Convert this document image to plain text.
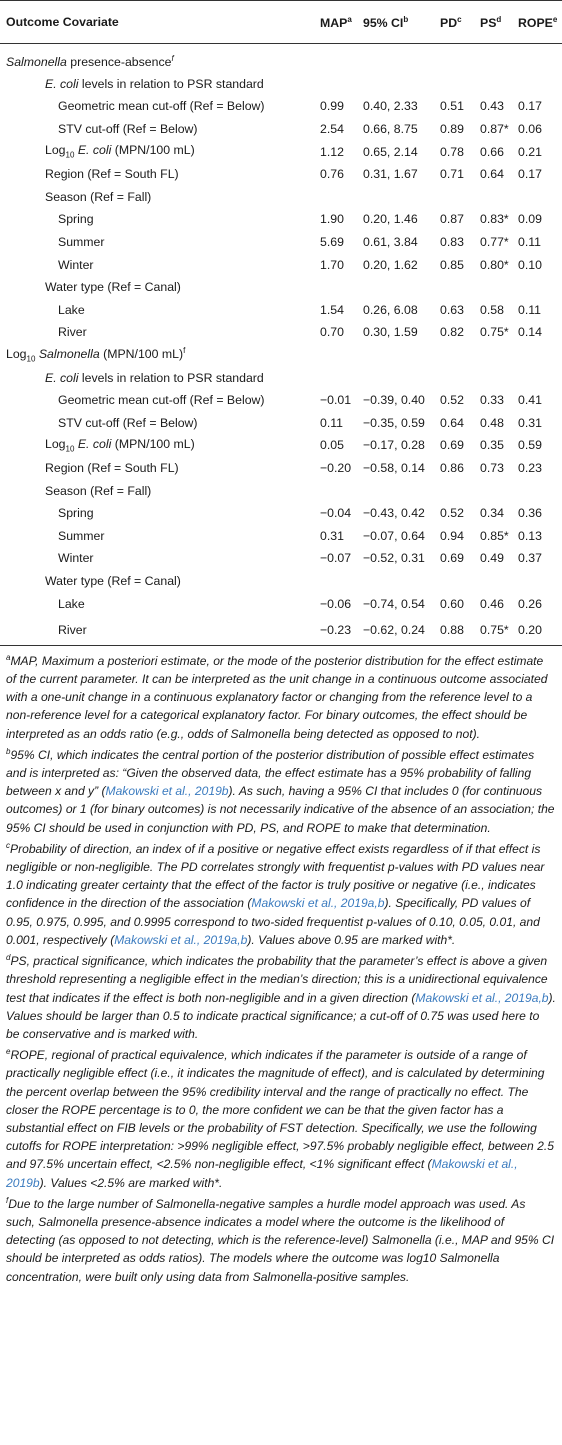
Outcome Covariate	MAP$^a$	95% $CI^b$	$PD^c$	$PS^d$	ROPE$^e$
Salmonella presence-absence$^f$
E. coli levels in relation to PSR standard					
Geometric mean cut-off (Ref = Below)	0.99	0.40, 2.33	0.51	0.43	0.17
STV cut-off (Ref = Below)	2.54	0.66, 8.75	0.89	0.87*	0.06
Log$_{10}$ E. coli (MPN/100 mL)	1.12	0.65, 2.14	0.78	0.66	0.21
Region (Ref = South FL)	0.76	0.31, 1.67	0.71	0.64	0.17
Season (Ref = Fall)					
Spring	1.90	0.20, 1.46	0.87	0.83*	0.09
Summer	5.69	0.61, 3.84	0.83	0.77*	0.11
Winter	1.70	0.20, 1.62	0.85	0.80*	0.10
Water type (Ref = Canal)					
Lake	1.54	0.26, 6.08	0.63	0.58	0.11
River	0.70	0.30, 1.59	0.82	0.75*	0.14
Log$_{10}$ Salmonella (MPN/100 mL)$^f$
E. coli levels in relation to PSR standard					
Geometric mean cut-off (Ref = Below)	−0.01	−0.39, 0.40	0.52	0.33	0.41
STV cut-off (Ref = Below)	0.11	−0.35, 0.59	0.64	0.48	0.31
Log$_{10}$ E. coli (MPN/100 mL)	0.05	−0.17, 0.28	0.69	0.35	0.59
Region (Ref = South FL)	−0.20	−0.58, 0.14	0.86	0.73	0.23
Season (Ref = Fall)					
Spring	−0.04	−0.43, 0.42	0.52	0.34	0.36
Summer	0.31	−0.07, 0.64	0.94	0.85*	0.13
Winter	−0.07	−0.52, 0.31	0.69	0.49	0.37
Water type (Ref = Canal)					
Lake	−0.06	−0.74, 0.54	0.60	0.46	0.26
River	−0.23	−0.62, 0.24	0.88	0.75*	0.20

$^a$MAP, Maximum a posteriori estimate, or the mode of the posterior distribution for the effect estimate of the current parameter. It can be interpreted as the unit change in a continuous outcome associated with a one-unit change in a continuous explanatory factor or changing from the reference level to a non-reference level for a categorical explanatory factor. For binary outcomes, the effect should be interpreted as an odds ratio (e.g., odds of Salmonella being detected as opposed to not).

$^b$95% CI, which indicates the central portion of the posterior distribution of possible effect estimates and is interpreted as: “Given the observed data, the effect estimate has a 95% probability of falling between x and y” (Makowski et al., 2019b). As such, having a 95% CI that includes 0 (for continuous outcomes) or 1 (for binary outcomes) is not necessarily indicative of the absence of an association; the 95% CI should be used in conjunction with PD, PS, and ROPE to make that determination.

$^c$Probability of direction, an index of if a positive or negative effect exists regardless of if that effect is negligible or non-negligible. The PD correlates strongly with frequentist p-values with PD values near 1.0 indicating greater certainty that the effect of the factor is truly positive or negative (i.e., indicates confidence in the direction of the association (Makowski et al., 2019a,b). Specifically, PD values of 0.95, 0.975, 0.995, and 0.9995 correspond to two-sided frequentist p-values of 0.10, 0.05, 0.01, and 0.001, respectively (Makowski et al., 2019a,b). Values above 0.95 are marked with*.

$^d$PS, practical significance, which indicates the probability that the parameter’s effect is above a given threshold representing a negligible effect in the median’s direction; this is a unidirectional equivalence test that indicates if the effect is both non-negligible and in a given direction (Makowski et al., 2019a,b). Values should be larger than 0.5 to indicate practical significance; a cut-off of 0.75 was used here to be conservative and is marked with.

$^e$ROPE, regional of practical equivalence, which indicates if the parameter is outside of a range of practically negligible effect (i.e., it indicates the magnitude of effect), and is calculated by determining the percent overlap between the 95% credibility interval and the range of practically no effect. The closer the ROPE percentage is to 0, the more confident we can be that the given factor has a substantial effect on FIB levels or the probability of FST detection. Specifically, we use the following cutoffs for ROPE interpretation: >99% negligible effect, >97.5% probably negligible effect, between 2.5 and 97.5% uncertain effect, <2.5% non-negligible effect, <1% significant effect (Makowski et al., 2019b). Values <2.5% are marked with*.

$^f$Due to the large number of Salmonella-negative samples a hurdle model approach was used. As such, Salmonella presence-absence indicates a model where the outcome is the likelihood of detecting (as opposed to not detecting, which is the reference-level) Salmonella (i.e., MAP and 95% CI should be interpreted as odds ratios). The models where the outcome was log10 Salmonella concentration, were built only using data from Salmonella-positive samples.
